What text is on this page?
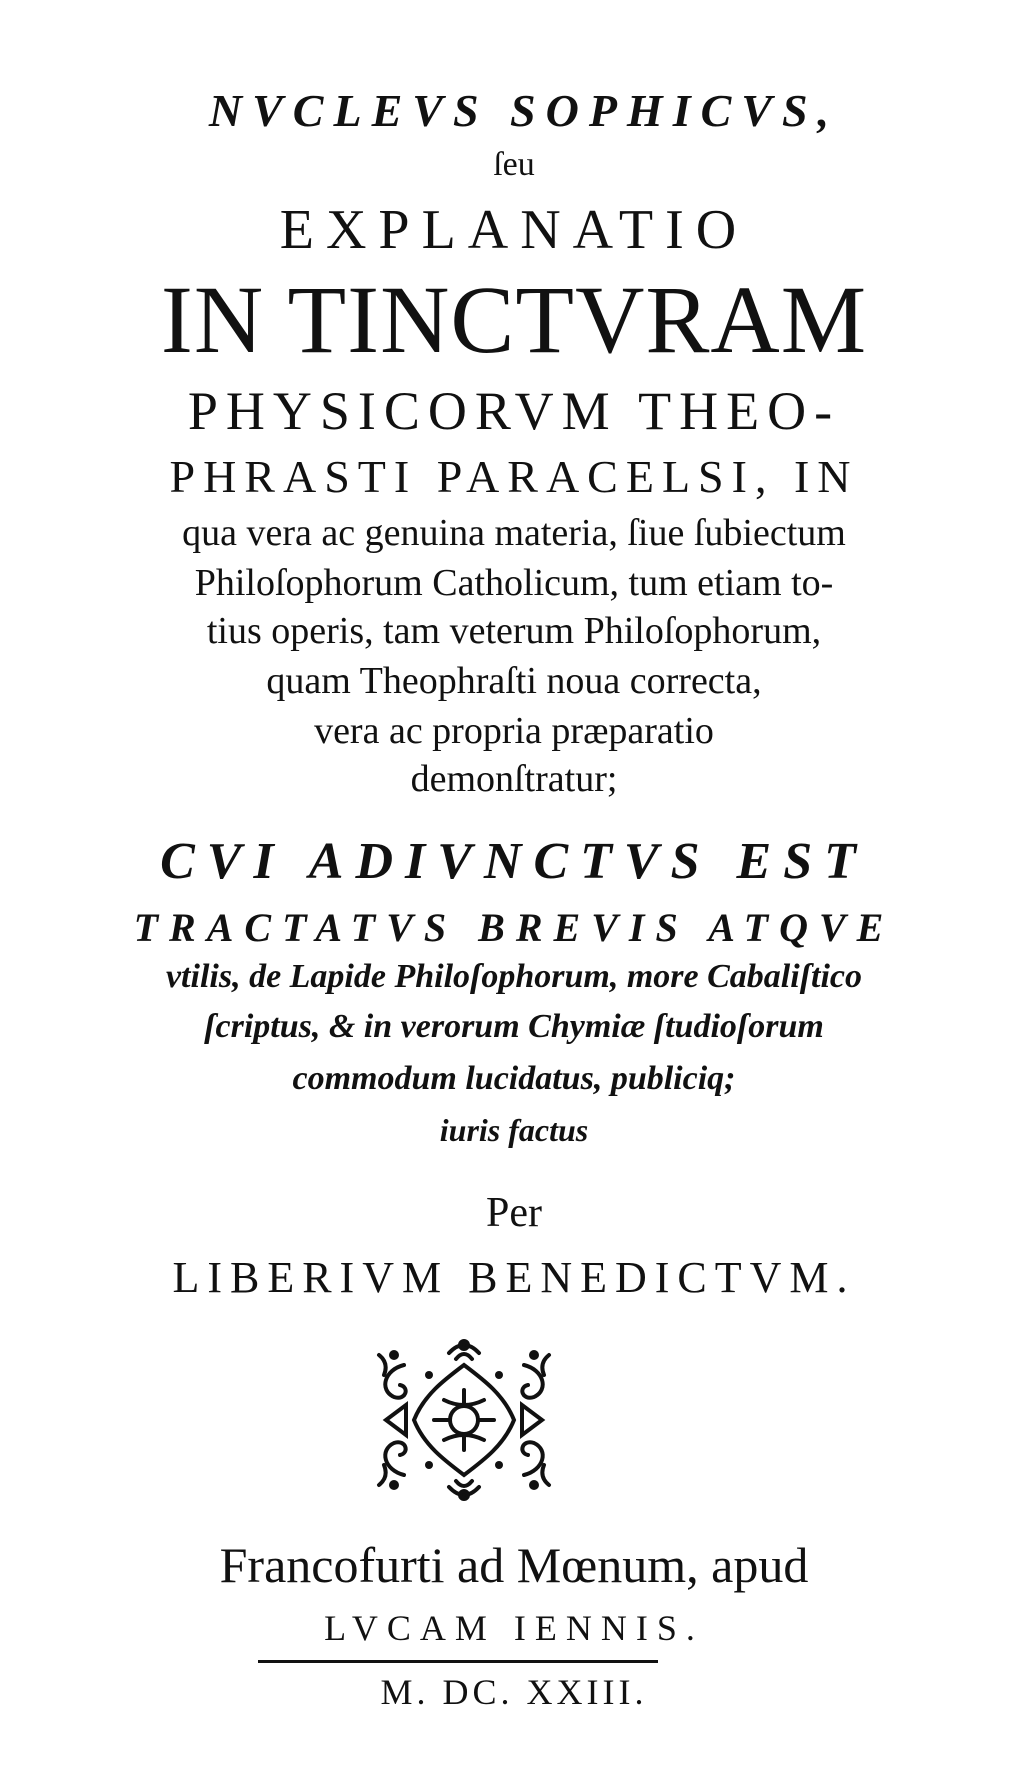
NVCLEVS SOPHICVS,
ſeu
EXPLANATIO
IN TINCTVRAM
PHYSICORVM THEO-
PHRASTI PARACELSI, IN
qua vera ac genuina materia, ſiue ſubiectum
Philoſophorum Catholicum, tum etiam to-
tius operis, tam veterum Philoſophorum,
quam Theophraſti noua correcta,
vera ac propria præparatio
demonſtratur;
CVI ADIVNCTVS EST
TRACTATVS BREVIS ATQVE
vtilis, de Lapide Philoſophorum, more Cabaliſtico
ſcriptus, & in verorum Chymiæ ſtudioſorum
commodum lucidatus, publiciq;
iuris factus
Per
LIBERIVM BENEDICTVM.
Francofurti ad Mœnum, apud
LVCAM IENNIS.
M. DC. XXIII.
